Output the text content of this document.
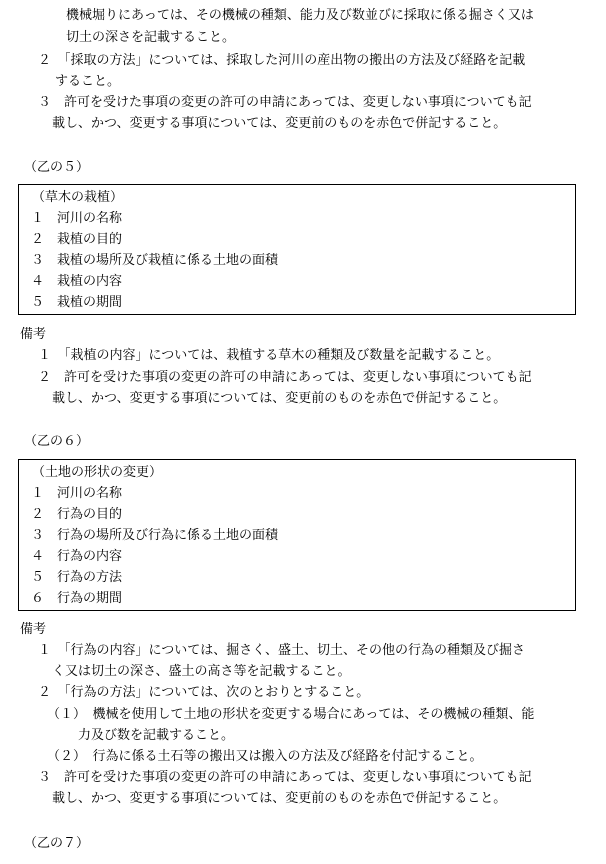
機械堀りにあっては、その機械の種類、能力及び数並びに採取に係る掘さく又は
切土の深さを記載すること。
２　「採取の方法」については、採取した河川の産出物の搬出の方法及び経路を記載
すること。
３　許可を受けた事項の変更の許可の申請にあっては、変更しない事項についても記
載し、かつ、変更する事項については、変更前のものを赤色で併記すること。
（乙の５）
（草木の栽植）
１　河川の名称
２　栽植の目的
３　栽植の場所及び栽植に係る土地の面積
４　栽植の内容
５　栽植の期間
備考
１　「栽植の内容」については、栽植する草木の種類及び数量を記載すること。
２　許可を受けた事項の変更の許可の申請にあっては、変更しない事項についても記
載し、かつ、変更する事項については、変更前のものを赤色で併記すること。
（乙の６）
（土地の形状の変更）
１　河川の名称
２　行為の目的
３　行為の場所及び行為に係る土地の面積
４　行為の内容
５　行為の方法
６　行為の期間
備考
１　「行為の内容」については、掘さく、盛土、切土、その他の行為の種類及び掘さ
く又は切土の深さ、盛土の高さ等を記載すること。
２　「行為の方法」については、次のとおりとすること。
（１）　機械を使用して土地の形状を変更する場合にあっては、その機械の種類、能
力及び数を記載すること。
（２）　行為に係る土石等の搬出又は搬入の方法及び経路を付記すること。
３　許可を受けた事項の変更の許可の申請にあっては、変更しない事項についても記
載し、かつ、変更する事項については、変更前のものを赤色で併記すること。
（乙の７）
